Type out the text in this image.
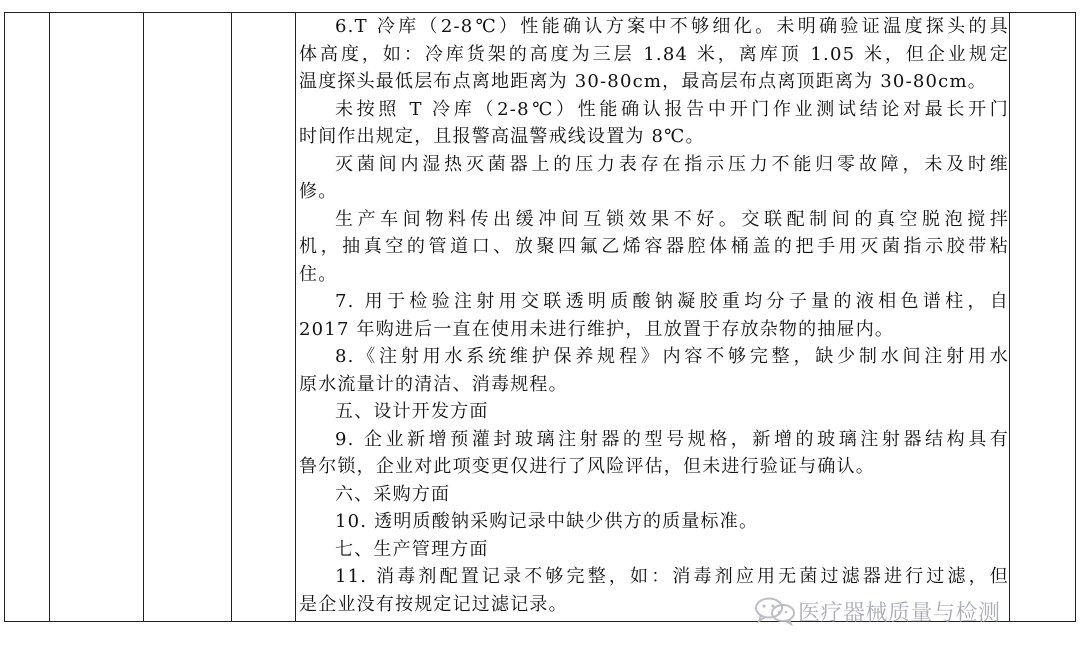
6.T 冷库（2-8℃）性能确认方案中不够细化。未明确验证温度探头的具
体高度，如：冷库货架的高度为三层 1.84 米，离库顶 1.05 米，但企业规定
温度探头最低层布点离地距离为 30-80cm，最高层布点离顶距离为 30-80cm。
未按照 T 冷库（2-8℃）性能确认报告中开门作业测试结论对最长开门
时间作出规定，且报警高温警戒线设置为 8℃。
灭菌间内湿热灭菌器上的压力表存在指示压力不能归零故障，未及时维
修。
生产车间物料传出缓冲间互锁效果不好。交联配制间的真空脱泡搅拌
机，抽真空的管道口、放聚四氟乙烯容器腔体桶盖的把手用灭菌指示胶带粘
住。
7. 用于检验注射用交联透明质酸钠凝胶重均分子量的液相色谱柱，自
2017 年购进后一直在使用未进行维护，且放置于存放杂物的抽屉内。
8.《注射用水系统维护保养规程》内容不够完整，缺少制水间注射用水
原水流量计的清洁、消毒规程。
五、设计开发方面
9. 企业新增预灌封玻璃注射器的型号规格，新增的玻璃注射器结构具有
鲁尔锁，企业对此项变更仅进行了风险评估，但未进行验证与确认。
六、采购方面
10. 透明质酸钠采购记录中缺少供方的质量标准。
七、生产管理方面
11. 消毒剂配置记录不够完整，如：消毒剂应用无菌过滤器进行过滤，但
是企业没有按规定记过滤记录。	医疗器械质量与检测
